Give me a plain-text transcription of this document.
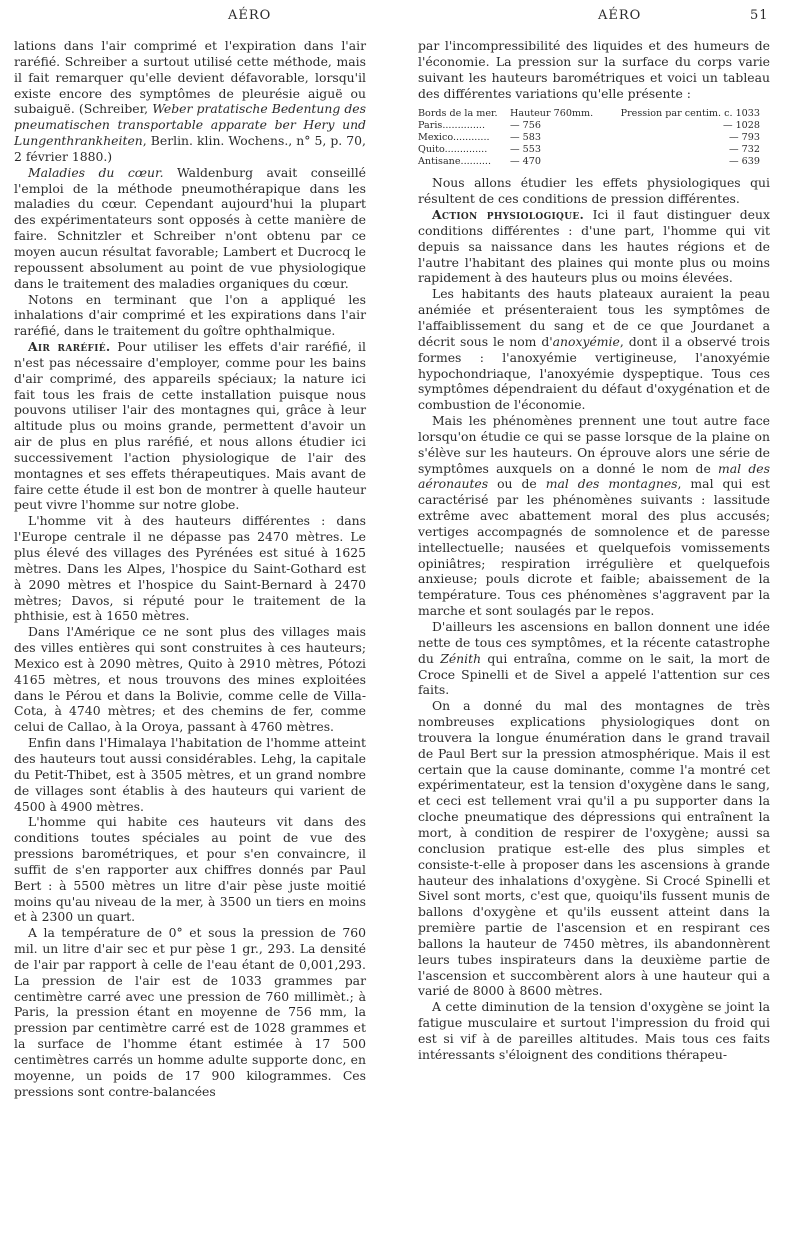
AÉRO	AÉRO	51

lations dans l'air comprimé et l'expiration dans l'air raréfié. Schreiber a surtout utilisé cette méthode, mais il fait remarquer qu'elle devient défavorable, lorsqu'il existe encore des symptômes de pleurésie aiguë ou subaiguë. (Schreiber, Weber pratatische Bedentung des pneumatischen transportable apparate ber Hery und Lungenthrankheiten, Berlin. klin. Wochens., n° 5, p. 70, 2 février 1880.)

Maladies du cœur. Waldenburg avait conseillé l'emploi de la méthode pneumothérapique dans les maladies du cœur. Cependant aujourd'hui la plupart des expérimentateurs sont opposés à cette manière de faire. Schnitzler et Schreiber n'ont obtenu par ce moyen aucun résultat favorable; Lambert et Ducrocq le repoussent absolument au point de vue physiologique dans le traitement des maladies organiques du cœur.

Notons en terminant que l'on a appliqué les inhalations d'air comprimé et les expirations dans l'air raréfié, dans le traitement du goître ophthalmique.

Air raréfié. Pour utiliser les effets d'air raréfié, il n'est pas nécessaire d'employer, comme pour les bains d'air comprimé, des appareils spéciaux; la nature ici fait tous les frais de cette installation puisque nous pouvons utiliser l'air des montagnes qui, grâce à leur altitude plus ou moins grande, permettent d'avoir un air de plus en plus raréfié, et nous allons étudier ici successivement l'action physiologique de l'air des montagnes et ses effets thérapeutiques. Mais avant de faire cette étude il est bon de montrer à quelle hauteur peut vivre l'homme sur notre globe.

L'homme vit à des hauteurs différentes : dans l'Europe centrale il ne dépasse pas 2470 mètres. Le plus élevé des villages des Pyrénées est situé à 1625 mètres. Dans les Alpes, l'hospice du Saint-Gothard est à 2090 mètres et l'hospice du Saint-Bernard à 2470 mètres; Davos, si réputé pour le traitement de la phthisie, est à 1650 mètres.

Dans l'Amérique ce ne sont plus des villages mais des villes entières qui sont construites à ces hauteurs; Mexico est à 2090 mètres, Quito à 2910 mètres, Pótozi 4165 mètres, et nous trouvons des mines exploitées dans le Pérou et dans la Bolivie, comme celle de Villa-Cota, à 4740 mètres; et des chemins de fer, comme celui de Callao, à la Oroya, passant à 4760 mètres.

Enfin dans l'Himalaya l'habitation de l'homme atteint des hauteurs tout aussi considérables. Lehg, la capitale du Petit-Thibet, est à 3505 mètres, et un grand nombre de villages sont établis à des hauteurs qui varient de 4500 à 4900 mètres.

L'homme qui habite ces hauteurs vit dans des conditions toutes spéciales au point de vue des pressions barométriques, et pour s'en convaincre, il suffit de s'en rapporter aux chiffres donnés par Paul Bert : à 5500 mètres un litre d'air pèse juste moitié moins qu'au niveau de la mer, à 3500 un tiers en moins et à 2300 un quart.

A la température de 0° et sous la pression de 760 mil. un litre d'air sec et pur pèse 1 gr., 293. La densité de l'air par rapport à celle de l'eau étant de 0,001,293. La pression de l'air est de 1033 grammes par centimètre carré avec une pression de 760 millimèt.; à Paris, la pression étant en moyenne de 756 mm, la pression par centimètre carré est de 1028 grammes et la surface de l'homme étant estimée à 17 500 centimètres carrés un homme adulte supporte donc, en moyenne, un poids de 17 900 kilogrammes. Ces pressions sont contre-balancées

par l'incompressibilité des liquides et des humeurs de l'économie. La pression sur la surface du corps varie suivant les hauteurs barométriques et voici un tableau des différentes variations qu'elle présente :

Bords de la mer.	Hauteur 760mm.	Pression par centim. c. 1033
Paris..............	— 756	— 1028
Mexico............	— 583	— 793
Quito..............	— 553	— 732
Antisane..........	— 470	— 639

Nous allons étudier les effets physiologiques qui résultent de ces conditions de pression différentes.

Action physiologique. Ici il faut distinguer deux conditions différentes : d'une part, l'homme qui vit depuis sa naissance dans les hautes régions et de l'autre l'habitant des plaines qui monte plus ou moins rapidement à des hauteurs plus ou moins élevées.

Les habitants des hauts plateaux auraient la peau anémiée et présenteraient tous les symptômes de l'affaiblissement du sang et de ce que Jourdanet a décrit sous le nom d'anoxyémie, dont il a observé trois formes : l'anoxyémie vertigineuse, l'anoxyémie hypochondriaque, l'anoxyémie dyspeptique. Tous ces symptômes dépendraient du défaut d'oxygénation et de combustion de l'économie.

Mais les phénomènes prennent une tout autre face lorsqu'on étudie ce qui se passe lorsque de la plaine on s'élève sur les hauteurs. On éprouve alors une série de symptômes auxquels on a donné le nom de mal des aéronautes ou de mal des montagnes, mal qui est caractérisé par les phénomènes suivants : lassitude extrême avec abattement moral des plus accusés; vertiges accompagnés de somnolence et de paresse intellectuelle; nausées et quelquefois vomissements opiniâtres; respiration irrégulière et quelquefois anxieuse; pouls dicrote et faible; abaissement de la température. Tous ces phénomènes s'aggravent par la marche et sont soulagés par le repos.

D'ailleurs les ascensions en ballon donnent une idée nette de tous ces symptômes, et la récente catastrophe du Zénith qui entraîna, comme on le sait, la mort de Croce Spinelli et de Sivel a appelé l'attention sur ces faits.

On a donné du mal des montagnes de très nombreuses explications physiologiques dont on trouvera la longue énumération dans le grand travail de Paul Bert sur la pression atmosphérique. Mais il est certain que la cause dominante, comme l'a montré cet expérimentateur, est la tension d'oxygène dans le sang, et ceci est tellement vrai qu'il a pu supporter dans la cloche pneumatique des dépressions qui entraînent la mort, à condition de respirer de l'oxygène; aussi sa conclusion pratique est-elle des plus simples et consiste-t-elle à proposer dans les ascensions à grande hauteur des inhalations d'oxygène. Si Crocé Spinelli et Sivel sont morts, c'est que, quoiqu'ils fussent munis de ballons d'oxygène et qu'ils eussent atteint dans la première partie de l'ascension et en respirant ces ballons la hauteur de 7450 mètres, ils abandonnèrent leurs tubes inspirateurs dans la deuxième partie de l'ascension et succombèrent alors à une hauteur qui a varié de 8000 à 8600 mètres.

A cette diminution de la tension d'oxygène se joint la fatigue musculaire et surtout l'impression du froid qui est si vif à de pareilles altitudes. Mais tous ces faits intéressants s'éloignent des conditions thérapeu-
